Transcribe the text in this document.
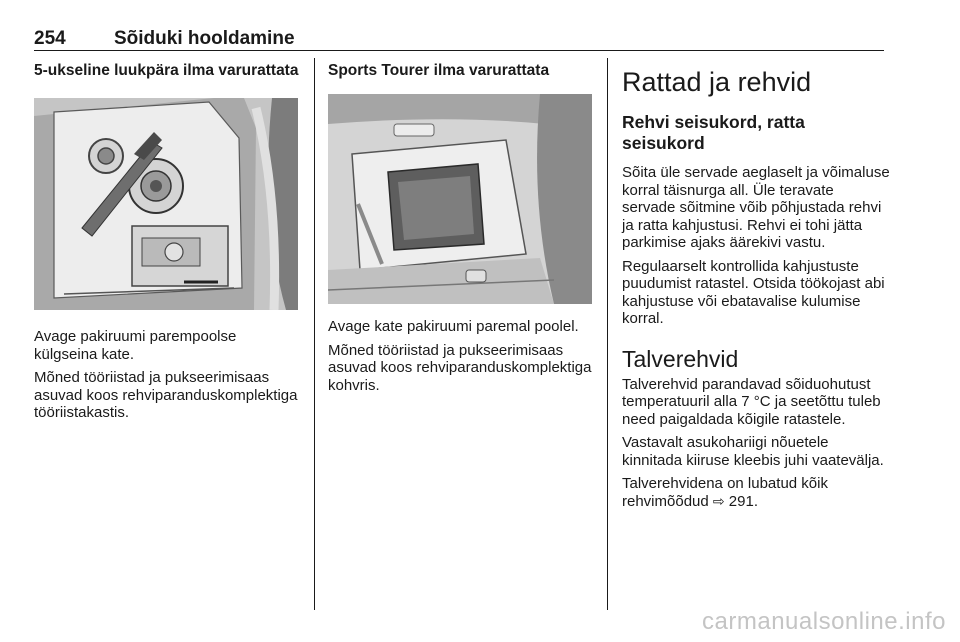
254	Sõiduki hooldamine
5-ukseline luukpära ilma varurattata

Avage pakiruumi parempoolse külgseina kate.

Mõned tööriistad ja pukseerimisaas asuvad koos rehviparanduskomplektiga tööriistakastis.

Sports Tourer ilma varurattata

Avage kate pakiruumi paremal poolel.

Mõned tööriistad ja pukseerimisaas asuvad koos rehviparanduskomplektiga kohvris.

Rattad ja rehvid
Rehvi seisukord, ratta seisukord

Sõita üle servade aeglaselt ja võimaluse korral täisnurga all. Üle teravate servade sõitmine võib põhjustada rehvi ja ratta kahjustusi. Rehvi ei tohi jätta parkimise ajaks äärekivi vastu.

Regulaarselt kontrollida kahjustuste puudumist ratastel. Otsida töökojast abi kahjustuse või ebatavalise kulumise korral.

Talverehvid

Talverehvid parandavad sõiduohutust temperatuuril alla 7 °C ja seetõttu tuleb need paigaldada kõigile ratastele.

Vastavalt asukohariigi nõuetele kinnitada kiiruse kleebis juhi vaatevälja.

Talverehvidena on lubatud kõik rehvimõõdud ⇨ 291.

carmanualsonline.info
